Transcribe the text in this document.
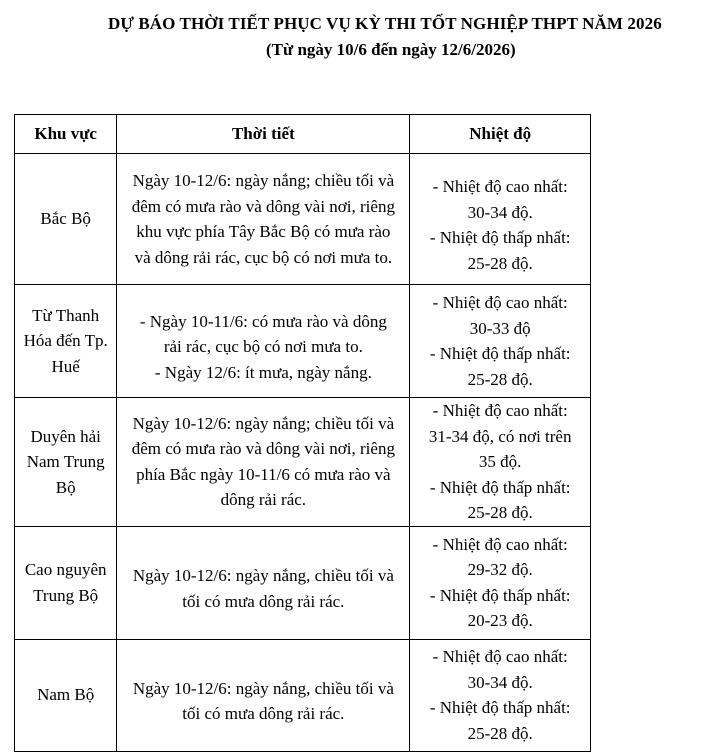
DỰ BÁO THỜI TIẾT PHỤC VỤ KỲ THI TỐT NGHIỆP THPT NĂM 2026
(Từ ngày 10/6 đến ngày 12/6/2026)
Khu vực	Thời tiết	Nhiệt độ

Bắc Bộ	Ngày 10-12/6: ngày nắng; chiều tối và
đêm có mưa rào và dông vài nơi, riêng
khu vực phía Tây Bắc Bộ có mưa rào
và dông rải rác, cục bộ có nơi mưa to.	- Nhiệt độ cao nhất:
30-34 độ.
- Nhiệt độ thấp nhất:
25-28 độ.

Từ Thanh
Hóa đến Tp.
Huế	- Ngày 10-11/6: có mưa rào và dông
rải rác, cục bộ có nơi mưa to.
- Ngày 12/6: ít mưa, ngày nắng.	- Nhiệt độ cao nhất:
30-33 độ
- Nhiệt độ thấp nhất:
25-28 độ.

Duyên hải
Nam Trung
Bộ	Ngày 10-12/6: ngày nắng; chiều tối và
đêm có mưa rào và dông vài nơi, riêng
phía Bắc ngày 10-11/6 có mưa rào và
dông rải rác.	- Nhiệt độ cao nhất:
31-34 độ, có nơi trên
35 độ.
- Nhiệt độ thấp nhất:
25-28 độ.

Cao nguyên
Trung Bộ	Ngày 10-12/6: ngày nắng, chiều tối và
tối có mưa dông rải rác.	- Nhiệt độ cao nhất:
29-32 độ.
- Nhiệt độ thấp nhất:
20-23 độ.

Nam Bộ	Ngày 10-12/6: ngày nắng, chiều tối và
tối có mưa dông rải rác.	- Nhiệt độ cao nhất:
30-34 độ.
- Nhiệt độ thấp nhất:
25-28 độ.
